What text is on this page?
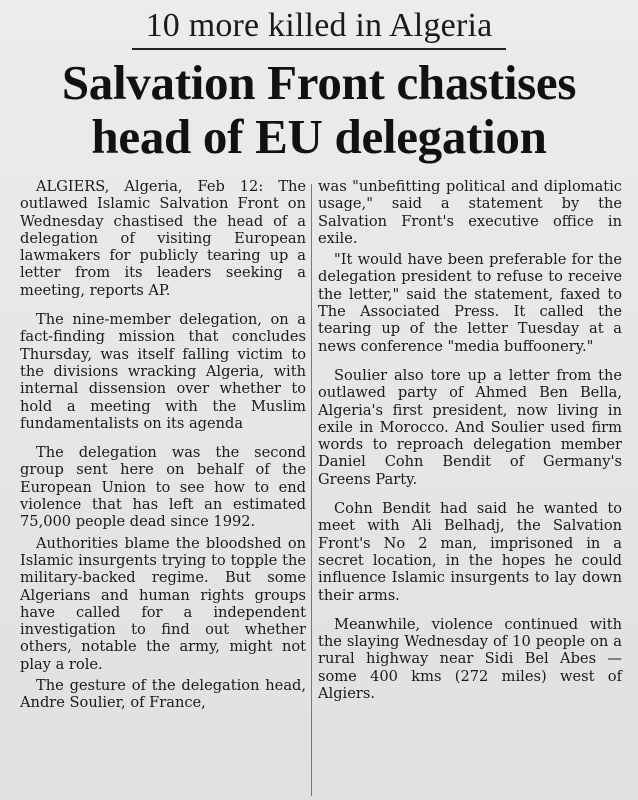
10 more killed in Algeria
Salvation Front chastises
head of EU delegation

ALGIERS, Algeria, Feb 12: The outlawed Islamic Salvation Front on Wednesday chastised the head of a delegation of visiting European lawmakers for publicly tearing up a letter from its leaders seeking a meeting, reports AP.

The nine-member delegation, on a fact-finding mission that concludes Thursday, was itself falling victim to the divisions wracking Algeria, with internal dissension over whether to hold a meeting with the Muslim fundamentalists on its agenda

The delegation was the second group sent here on behalf of the European Union to see how to end violence that has left an estimated 75,000 people dead since 1992.

Authorities blame the bloodshed on Islamic insurgents trying to topple the military-backed regime. But some Algerians and human rights groups have called for a independent investigation to find out whether others, notable the army, might not play a role.

The gesture of the delegation head, Andre Soulier, of France,

was "unbefitting political and diplomatic usage," said a statement by the Salvation Front's executive office in exile.

"It would have been preferable for the delegation president to refuse to receive the letter," said the statement, faxed to The Associated Press. It called the tearing up of the letter Tuesday at a news conference "media buffoonery."

Soulier also tore up a letter from the outlawed party of Ahmed Ben Bella, Algeria's first president, now living in exile in Morocco. And Soulier used firm words to reproach delegation member Daniel Cohn Bendit of Germany's Greens Party.

Cohn Bendit had said he wanted to meet with Ali Belhadj, the Salvation Front's No 2 man, imprisoned in a secret location, in the hopes he could influence Islamic insurgents to lay down their arms.

Meanwhile, violence continued with the slaying Wednesday of 10 people on a rural highway near Sidi Bel Abes — some 400 kms (272 miles) west of Algiers.
